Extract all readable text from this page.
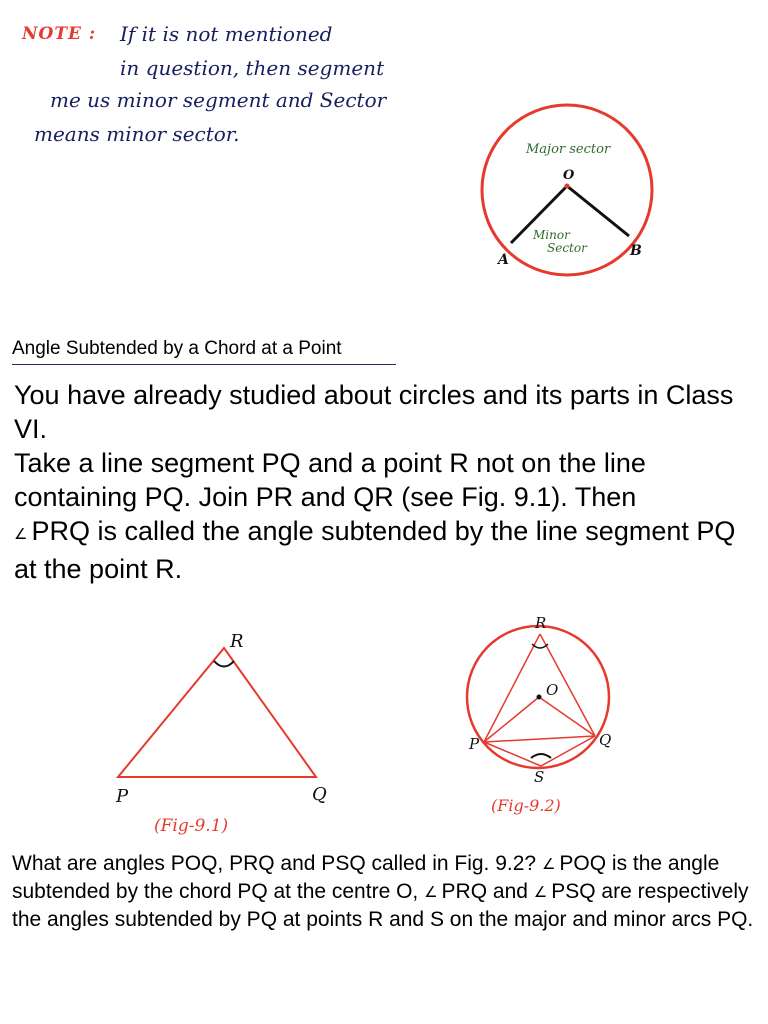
NOTE : If it is not mentioned
in question, then segment
me us minor segment and Sector
means minor sector.
Major sector
Minor
Sector
O
A
B
R
P	Q
(Fig-9.1)
R
O
P	Q
S
(Fig-9.2)
Angle Subtended by a Chord at a Point
You have already studied about circles and its parts in Class VI.
Take a line segment PQ and a point R not on the line containing PQ. Join PR and QR (see Fig. 9.1). Then
∠ PRQ is called the angle subtended by the line segment PQ at the point R.
What are angles POQ, PRQ and PSQ called in Fig. 9.2? ∠ POQ is the angle subtended by the chord PQ at the centre O, ∠ PRQ and ∠ PSQ are respectively the angles subtended by PQ at points R and S on the major and minor arcs PQ.
